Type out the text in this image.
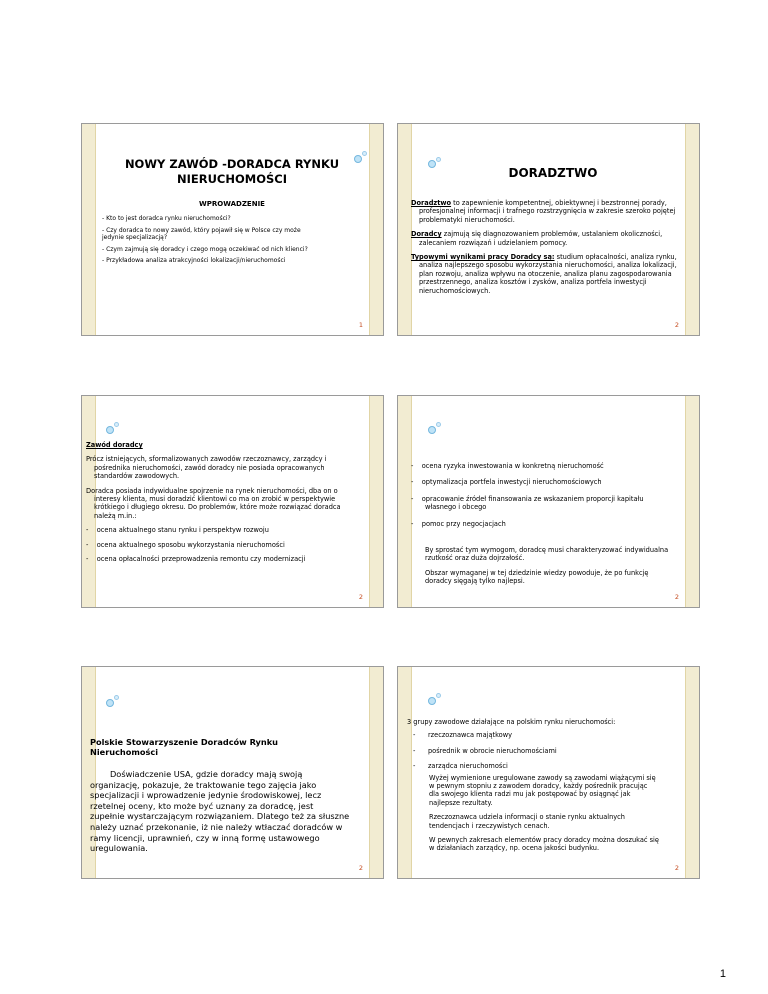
NOWY ZAWÓD -DORADCA RYNKU NIERUCHOMOŚCI
WPROWADZENIE
- Kto to jest doradca rynku nieruchomości?
- Czy doradca to nowy zawód, który pojawił się w Polsce czy może jedynie specjalizacją?
- Czym zajmują się doradcy i czego mogą oczekiwać od nich klienci?
- Przykładowa analiza atrakcyjności lokalizacji/nieruchomości
1
DORADZTWO
Doradztwo to zapewnienie kompetentnej, obiektywnej i bezstronnej porady, profesjonalnej informacji i trafnego rozstrzygnięcia w zakresie szeroko pojętej problematyki nieruchomości.
Doradcy zajmują się diagnozowaniem problemów, ustalaniem okoliczności, zalecaniem rozwiązań i udzielaniem pomocy.
Typowymi wynikami pracy Doradcy są: studium opłacalności, analiza rynku, analiza najlepszego sposobu wykorzystania nieruchomości, analiza lokalizacji, plan rozwoju, analiza wpływu na otoczenie, analiza planu zagospodarowania przestrzennego, analiza kosztów i zysków, analiza portfela inwestycji nieruchomościowych.
2
Zawód doradcy
Prócz istniejących, sformalizowanych zawodów rzeczoznawcy, zarządcy i pośrednika nieruchomości, zawód doradcy nie posiada opracowanych standardów zawodowych.
Doradca posiada indywidualne spojrzenie na rynek nieruchomości, dba on o interesy klienta, musi doradzić klientowi co ma on zrobić w perspektywie krótkiego i długiego okresu. Do problemów, które może rozwiązać doradca należą m.in.:
-    ocena aktualnego stanu rynku i perspektyw rozwoju
-    ocena aktualnego sposobu wykorzystania nieruchomości
-    ocena opłacalności przeprowadzenia remontu czy modernizacji
2
-    ocena ryzyka inwestowania w konkretną nieruchomość
-    optymalizacja portfela inwestycji nieruchomościowych
-    opracowanie źródeł finansowania ze wskazaniem proporcji kapitału własnego i obcego
-    pomoc przy negocjacjach
By sprostać tym wymogom, doradcę musi charakteryzować indywidualna rzutkość oraz duża dojrzałość.
Obszar wymaganej w tej dziedzinie wiedzy powoduje, że po funkcję doradcy sięgają tylko najlepsi.
2
Polskie Stowarzyszenie Doradców Rynku Nieruchomości
Doświadczenie USA, gdzie doradcy mają swoją organizację, pokazuje, że traktowanie tego zajęcia jako specjalizacji i wprowadzenie jedynie środowiskowej, lecz rzetelnej oceny, kto może być uznany za doradcę, jest zupełnie wystarczającym rozwiązaniem. Dlatego też za słuszne należy uznać przekonanie, iż nie należy wtłaczać doradców w ramy licencji, uprawnień, czy w inną formę ustawowego uregulowania.
2
3 grupy zawodowe działające na polskim rynku nieruchomości:
-      rzeczoznawca majątkowy
-      pośrednik w obrocie nieruchomościami
-      zarządca nieruchomości
Wyżej wymienione uregulowane zawody są zawodami wiążącymi się w pewnym stopniu z zawodem doradcy, każdy pośrednik pracując dla swojego klienta radzi mu jak postępować by osiągnąć jak najlepsze rezultaty.
Rzeczoznawca udziela informacji o stanie rynku aktualnych tendencjach i rzeczywistych cenach.
W pewnych zakresach elementów pracy doradcy można doszukać się w działaniach zarządcy, np. ocena jakości budynku.
2
1
